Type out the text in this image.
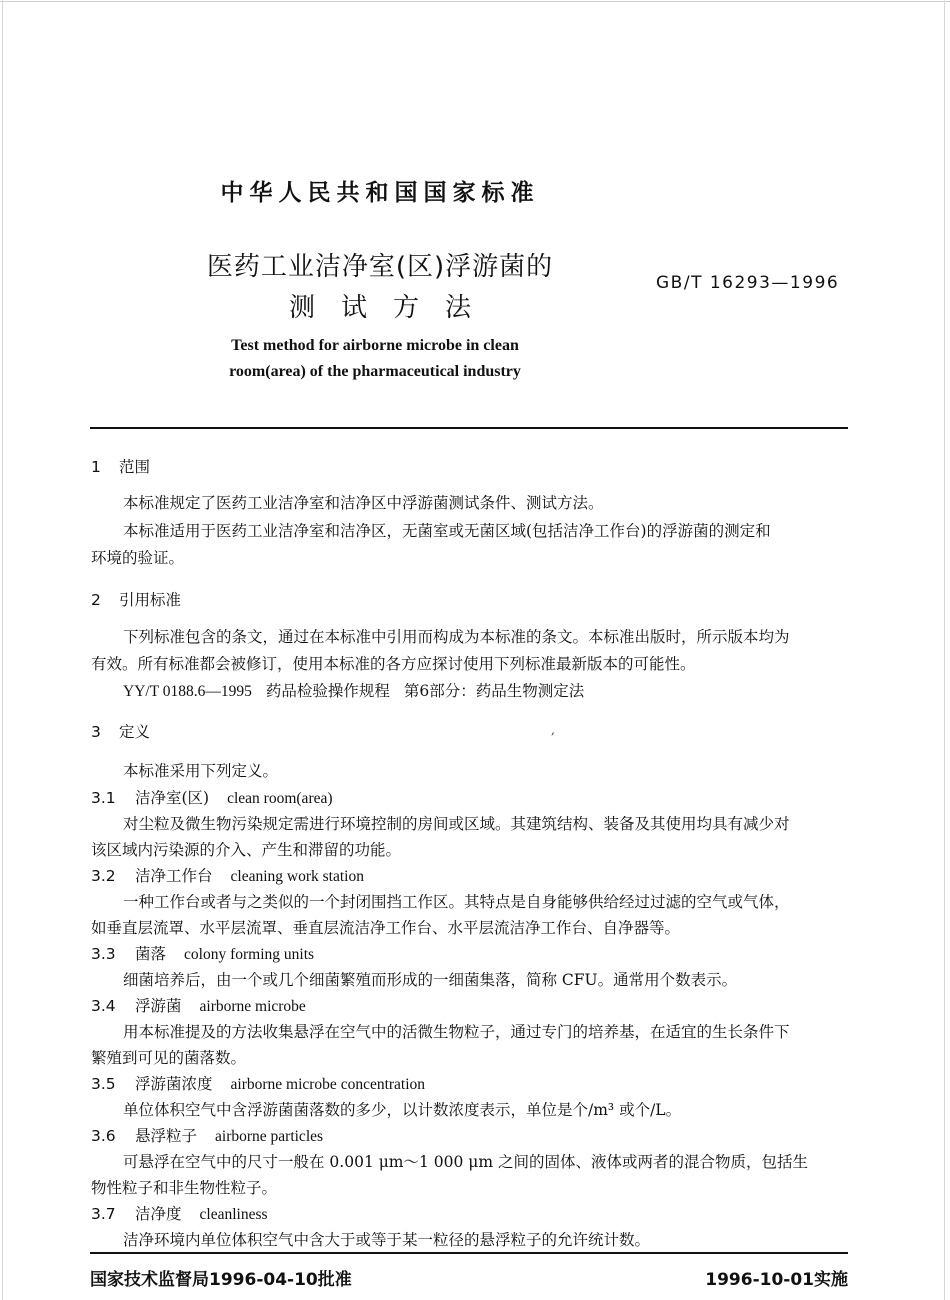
中华人民共和国国家标准
医药工业洁净室(区)浮游菌的
测试方法
GB/T 16293—1996
Test method for airborne microbe in clean
room(area) of the pharmaceutical industry
1 范围
本标准规定了医药工业洁净室和洁净区中浮游菌测试条件、测试方法。
本标准适用于医药工业洁净室和洁净区，无菌室或无菌区域(包括洁净工作台)的浮游菌的测定和
环境的验证。
2 引用标准
下列标准包含的条文，通过在本标准中引用而构成为本标准的条文。本标准出版时，所示版本均为
有效。所有标准都会被修订，使用本标准的各方应探讨使用下列标准最新版本的可能性。
YY/T 0188.6—1995 药品检验操作规程 第6部分：药品生物测定法
3 定义	,
本标准采用下列定义。
3.1 洁净室(区) clean room(area)
对尘粒及微生物污染规定需进行环境控制的房间或区域。其建筑结构、装备及其使用均具有减少对
该区域内污染源的介入、产生和滞留的功能。
3.2 洁净工作台 cleaning work station
一种工作台或者与之类似的一个封闭围挡工作区。其特点是自身能够供给经过过滤的空气或气体，
如垂直层流罩、水平层流罩、垂直层流洁净工作台、水平层流洁净工作台、自净器等。
3.3 菌落 colony forming units
细菌培养后，由一个或几个细菌繁殖而形成的一细菌集落，简称 CFU。通常用个数表示。
3.4 浮游菌 airborne microbe
用本标准提及的方法收集悬浮在空气中的活微生物粒子，通过专门的培养基，在适宜的生长条件下
繁殖到可见的菌落数。
3.5 浮游菌浓度 airborne microbe concentration
单位体积空气中含浮游菌菌落数的多少，以计数浓度表示，单位是个/m³ 或个/L。
3.6 悬浮粒子 airborne particles
可悬浮在空气中的尺寸一般在 0.001 μm～1 000 μm 之间的固体、液体或两者的混合物质，包括生
物性粒子和非生物性粒子。
3.7 洁净度 cleanliness
洁净环境内单位体积空气中含大于或等于某一粒径的悬浮粒子的允许统计数。
国家技术监督局1996-04-10批准	1996-10-01实施
